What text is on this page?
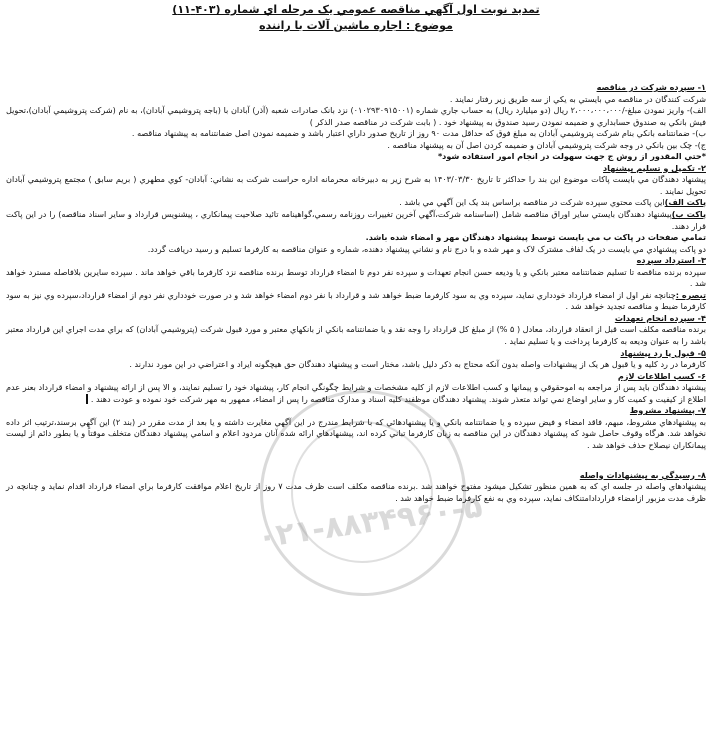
تمديد نوبت اول آگهي مناقصه عمومي يک مرحله اي شماره (۴۰۳-۱۱)
موضوع : اجاره ماشين آلات با راننده
۰۲۱-۸۸۳۴۹۶۰-۵

۱- سپرده شرکت در مناقصه

شرکت کنندگان در مناقصه مي بايستي به يکي از سه طريق زير رفتار نمايند .

الف)- واريز نمودن مبلغ-/۲،۰۰۰،۰۰۰،۰۰۰ ريال (دو ميليارد ريال) به حساب جاري شماره (۰۱۰۲۹۳۰۹۱۵۰۰۱) نزد بانک صادرات شعبه (آذر) آبادان با (باجه پتروشيمي آبادان)، به نام (شرکت پتروشيمي آبادان)،تحويل فيش بانکي به صندوق حسابداري و ضميمه نمودن رسيد صندوق به پيشنهاد خود . ( بابت شرکت در مناقصه صدر الذکر )

ب)- ضمانتنامه بانکي بنام شرکت پتروشيمي آبادان به مبلغ فوق که حداقل مدت ۹۰ روز از تاريخ صدور داراي اعتبار باشد و ضميمه نمودن اصل ضمانتنامه به پيشنهاد مناقصه .

ج)- چک بين بانکي در وجه شرکت پتروشيمي آبادان و ضميمه کردن اصل آن به پيشنهاد مناقصه .

*حتي المقدور از روش ج جهت سهولت در انجام امور استفاده شود*

۲- تکميل و تسليم پيشنهاد

پيشنهاد دهندگان مي بايست پاکات موضوع اين بند را حداکثر تا تاريخ ۱۴۰۳/۰۳/۳۰ به شرح زير به دبيرخانه محرمانه اداره حراست شرکت به نشاني: آبادان- کوي مطهري ( بريم سابق ) مجتمع پتروشيمي آبادان تحويل نمايند .

پاکت الف)اين پاکت محتوي سپرده شرکت در مناقصه براساس بند يک اين آگهي مي باشد .

پاکت ب)پيشنهاد دهندگان بايستي ساير اوراق مناقصه شامل (اساسنامه شرکت،آگهي آخرين تغييرات روزنامه رسمي،گواهينامه تائيد صلاحيت پيمانکاري ، پيشنويس قرارداد و ساير اسناد مناقصه) را در اين پاکت قرار دهند.

تمامي صفحات در پاکت ب مي بايست توسط پيشنهاد دهندگان مهر و امضاء شده باشد.

دو پاکت پيشنهادي مي بايست در يک لفاف مشترک لاک و مهر شده و با درج نام و نشاني پيشنهاد دهنده، شماره و عنوان مناقصه به کارفرما تسليم و رسيد دريافت گردد.

۳- استرداد سپرده

سپرده برنده مناقصه تا تسليم ضمانتنامه معتبر بانکي و يا وديعه حسن انجام تعهدات و سپرده نفر دوم تا امضاء قرارداد توسط برنده مناقصه نزد کارفرما باقي خواهد ماند . سپرده سايرين بلافاصله مسترد خواهد شد .

تبصره :چنانچه نفر اول از امضاء قرارداد خودداري نمايد، سپرده وي به سود کارفرما ضبط خواهد شد و قرارداد با نفر دوم امضاء خواهد شد و در صورت خودداري نفر دوم از امضاء قرارداد،سپرده وي نيز به سود کارفرما ضبط و مناقصه تجديد خواهد شد .

۴- سپرده انجام تعهدات

برنده مناقصه مکلف است قبل از انعقاد قرارداد، معادل ( ۵ %) از مبلغ کل قرارداد را وجه نقد و يا ضمانتنامه بانکي از بانکهاي معتبر و مورد قبول شرکت (پتروشيمي آبادان) که براي مدت اجراي اين قرارداد معتبر باشد را به عنوان وديعه به کارفرما پرداخت و يا تسليم نمايد .

۵- قبول يا رد پيشنهاد

کارفرما در رد کليه و يا قبول هر يک از پيشنهادات واصله بدون آنکه محتاج به ذکر دليل باشد، مختار است و پيشنهاد دهندگان حق هيچگونه ايراد و اعتراضي در اين مورد ندارند .

۶- کسب اطلاعات لازم

پيشنهاد دهندگان بايد پس از مراجعه به اموحقوقي و پيمانها و کسب اطلاعات لازم از کليه مشخصات و شرايط چگونگي انجام کار، پيشنهاد خود را تسليم نمايند، و الا پس از ارائه پيشنهاد و امضاء قرارداد بعنر عدم اطلاع از کيفيت و کميت کار و ساير اوضاع نمي تواند متعذر شوند. پيشنهاد دهندگان موظفند کليه اسناد و مدارک مناقصه را پس از امضاء، ممهور به مهر شرکت خود نموده و عودت دهند .

۷- پيشنهاد مشروط

به پيشنهادهاي مشروط، مبهم، فاقد امضاء و فيض سپرده و يا ضمانتنامه بانکي و يا پيشنهادهائي که با شرايط مندرج در اين آگهي مغايرت داشته و يا بعد از مدت مقرر در (بند ۲) اين آگهي برسند،ترتيب اثر داده نخواهد شد. هرگاه وقوف حاصل شود که پيشنهاد دهندگان در اين مناقصه به زيان کارفرما تباني کرده اند، پيشنهادهاي ارائه شده آنان مردود اعلام و اسامي پيشنهاد دهندگان متخلف موقتاً و يا بطور دائم از ليست پيمانکاران نيصلاح حذف خواهد شد .

۸- رسيدگي به پيشنهادات واصله

پيشنهادهاي واصله در جلسه اي که به همين منظور تشکيل ميشود مفتوح خواهند شد .برنده مناقصه مکلف است ظرف مدت ۷ روز از تاريخ اعلام موافقت کارفرما براي امضاء قرارداد اقدام نمايد و چنانچه در ظرف مدت مزبور ازامضاء قراردادامتنکاف نمايد، سپرده وي به نفع کارفرما ضبط خواهد شد .
